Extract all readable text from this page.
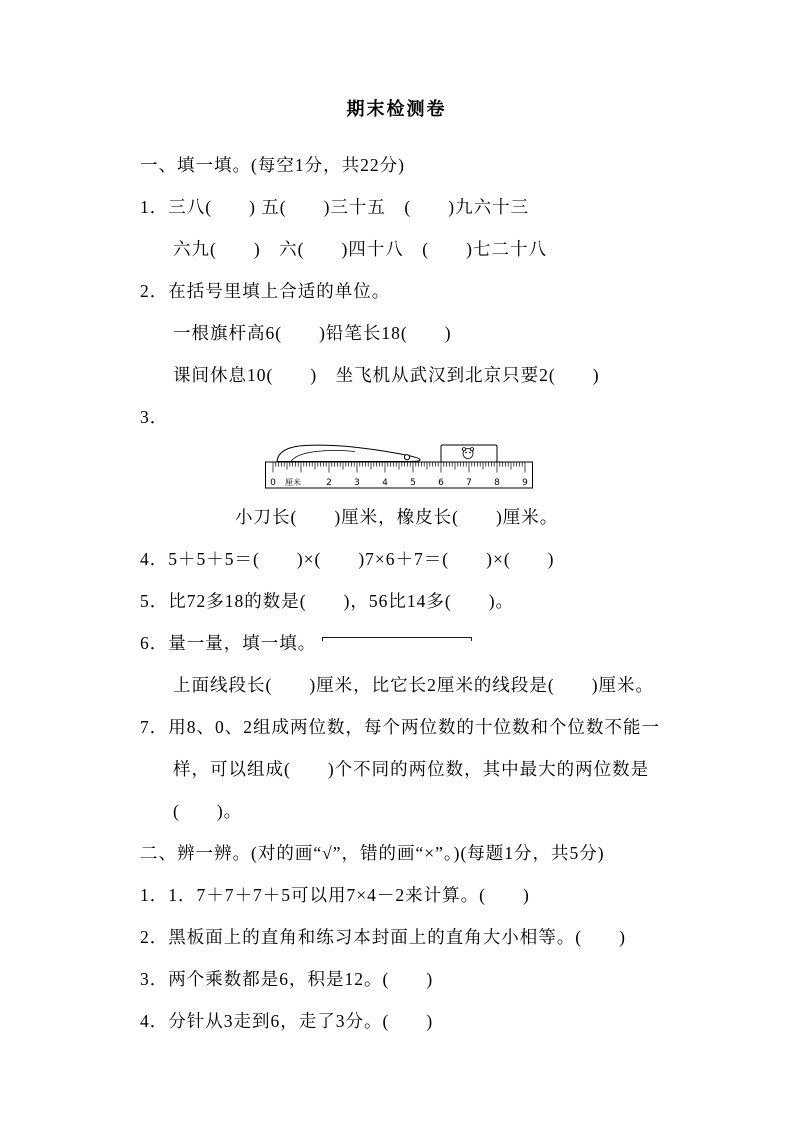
期末检测卷
一、填一填。(每空1分，共22分)
1．三八(　　) 五(　　)三十五　(　　)九六十三
六九(　　)　六(　　)四十八　(　　)七二十八
2．在括号里填上合适的单位。
一根旗杆高6(　　)铅笔长18(　　)
课间休息10(　　)　坐飞机从武汉到北京只要2(　　)
3．
0 厘米	2 3 4 5 6 7 8 9
小刀长(　　)厘米，橡皮长(　　)厘米。
4．5＋5＋5＝(　　)×(　　)7×6＋7＝(　　)×(　　)
5．比72多18的数是(　　)，56比14多(　　)。
6．量一量，填一填。
上面线段长(　　)厘米，比它长2厘米的线段是(　　)厘米。
7．用8、0、2组成两位数，每个两位数的十位数和个位数不能一
样，可以组成(　　)个不同的两位数，其中最大的两位数是
(　　)。
二、辨一辨。(对的画“√”，错的画“×”。)(每题1分，共5分)
1．1．7＋7＋7＋5可以用7×4－2来计算。(　　)
2．黑板面上的直角和练习本封面上的直角大小相等。(　　)
3．两个乘数都是6，积是12。(　　)
4．分针从3走到6，走了3分。(　　)
